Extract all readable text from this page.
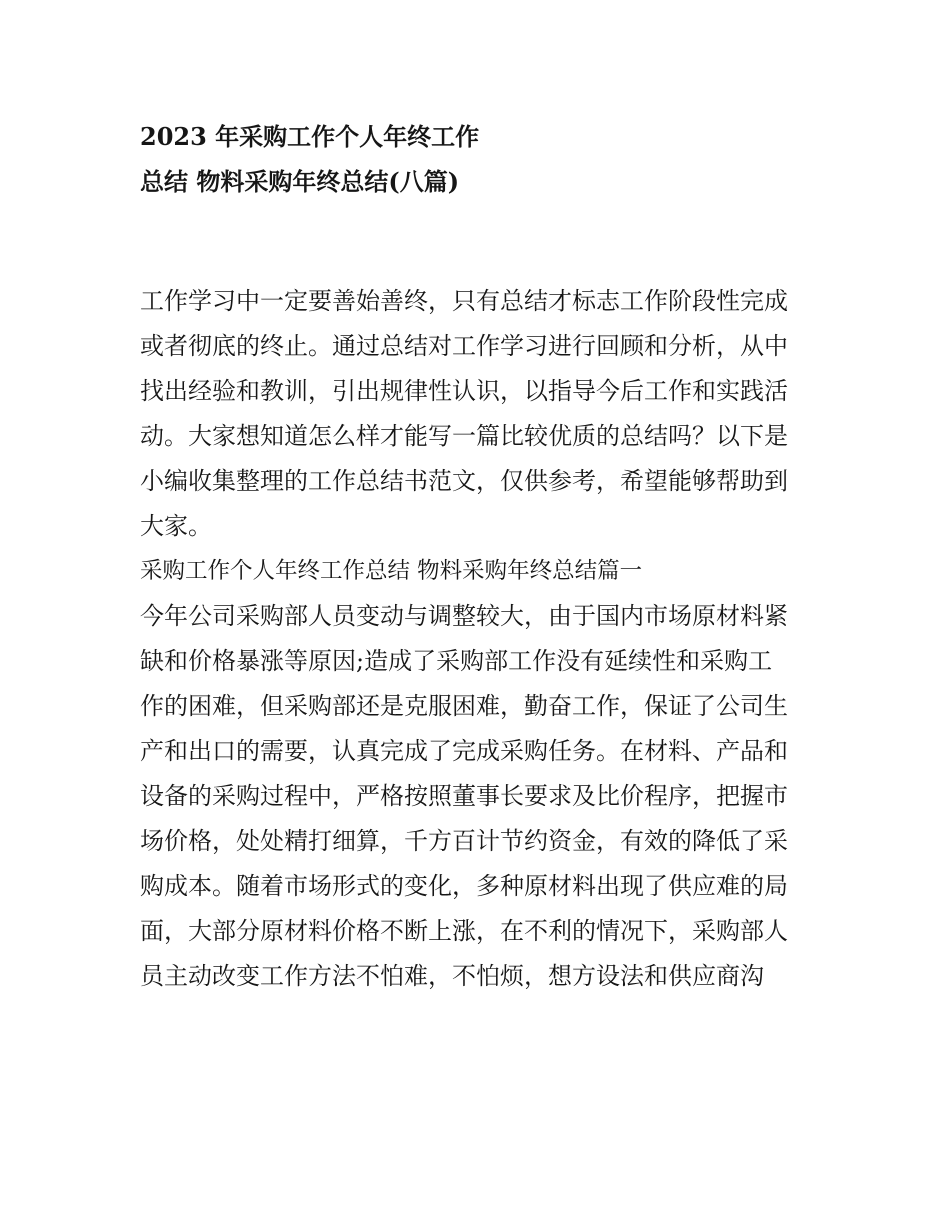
2023 年采购工作个人年终工作
总结 物料采购年终总结(八篇)
工作学习中一定要善始善终，只有总结才标志工作阶段性完成
或者彻底的终止。通过总结对工作学习进行回顾和分析，从中
找出经验和教训，引出规律性认识，以指导今后工作和实践活
动。大家想知道怎么样才能写一篇比较优质的总结吗？以下是
小编收集整理的工作总结书范文，仅供参考，希望能够帮助到
大家。
采购工作个人年终工作总结 物料采购年终总结篇一
今年公司采购部人员变动与调整较大，由于国内市场原材料紧
缺和价格暴涨等原因;造成了采购部工作没有延续性和采购工
作的困难，但采购部还是克服困难，勤奋工作，保证了公司生
产和出口的需要，认真完成了完成采购任务。在材料、产品和
设备的采购过程中，严格按照董事长要求及比价程序，把握市
场价格，处处精打细算，千方百计节约资金，有效的降低了采
购成本。随着市场形式的变化，多种原材料出现了供应难的局
面，大部分原材料价格不断上涨，在不利的情况下，采购部人
员主动改变工作方法不怕难，不怕烦，想方设法和供应商沟
